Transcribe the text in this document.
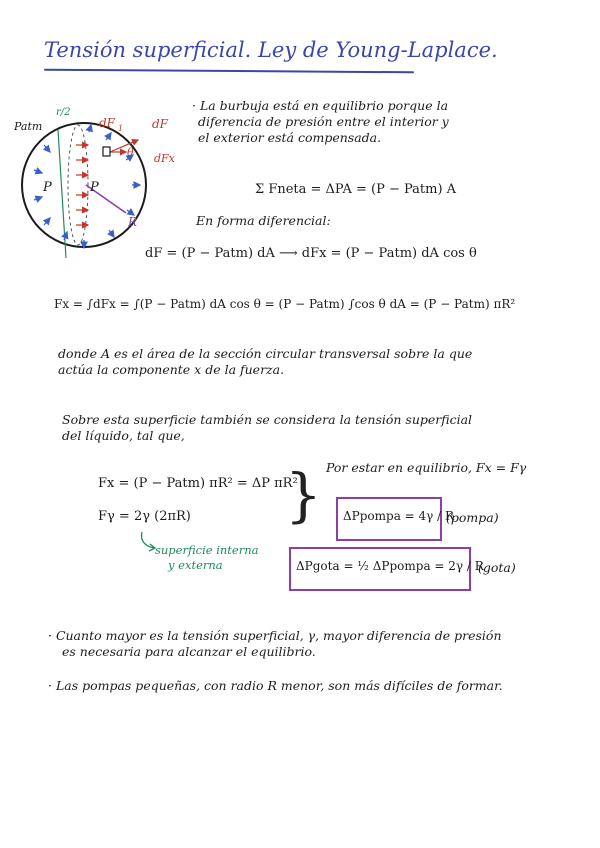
Tensión superficial. Ley de Young-Laplace.
Patm
r/2
dF 1 dF
θ dFx
P	P
R
· La burbuja está en equilibrio porque la
diferencia de presión entre el interior y
el exterior está compensada.
Σ Fneta = ΔPA = (P − Patm) A
En forma diferencial:
dF = (P − Patm) dA ⟶ dFx = (P − Patm) dA cos θ
Fx = ∫dFx = ∫(P − Patm) dA cos θ = (P − Patm) ∫cos θ dA = (P − Patm) πR²
donde A es el área de la sección circular transversal sobre la que
actúa la componente x de la fuerza.
Sobre esta superficie también se considera la tensión superficial
del líquido, tal que,
Fx = (P − Patm) πR² = ΔP πR²
Fγ = 2γ (2πR) }
superficie interna
y externa
Por estar en equilibrio, Fx = Fγ
ΔPpompa = 4γ / R
(pompa)
ΔPgota = ½ ΔPpompa = 2γ / R
(gota)
· Cuanto mayor es la tensión superficial, γ, mayor diferencia de presión
es necesaria para alcanzar el equilibrio.
· Las pompas pequeñas, con radio R menor, son más difíciles de formar.
